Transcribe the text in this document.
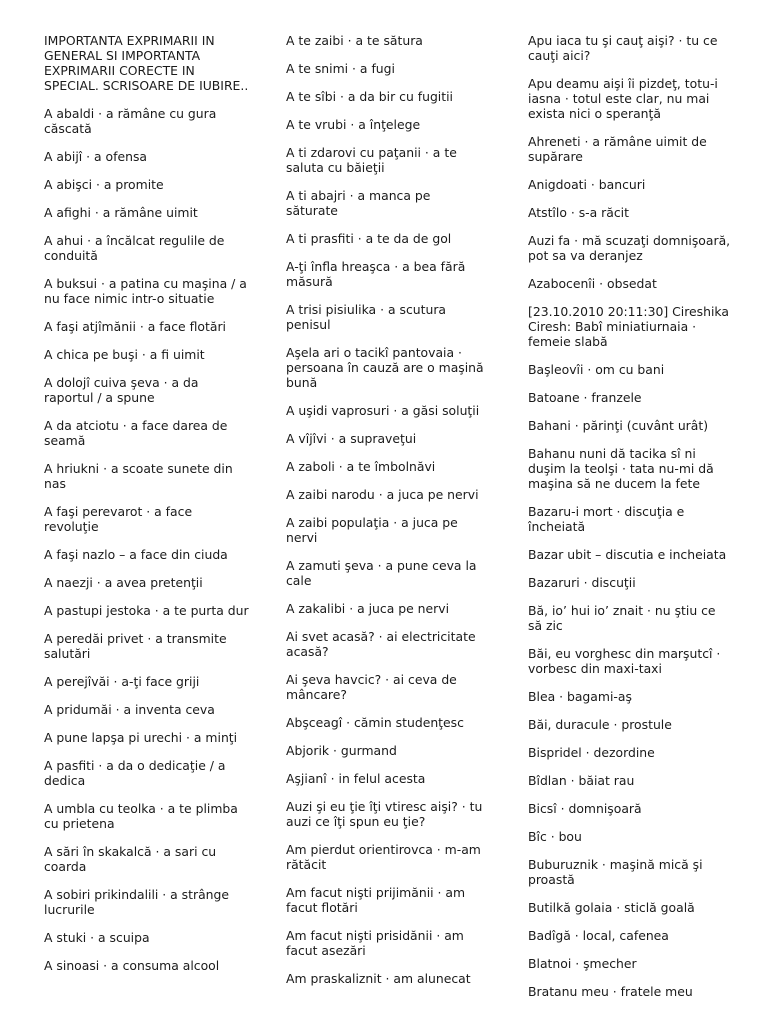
IMPORTANTA EXPRIMARII IN GENERAL SI IMPORTANTA EXPRIMARII CORECTE IN SPECIAL. SCRISOARE DE IUBIRE..

A abaldi · a rămâne cu gura căscată

A abijî · a ofensa

A abişci · a promite

A afighi · a rămâne uimit

A ahui · a încălcat regulile de conduită

A buksui · a patina cu maşina / a nu face nimic intr-o situatie

A faşi atjîmănii · a face flotări

A chica pe buşi · a fi uimit

A dolojî cuiva şeva · a da raportul / a spune

A da atciotu · a face darea de seamă

A hriukni · a scoate sunete din nas

A faşi perevarot · a face revoluţie

A faşi nazlo – a face din ciuda

A naezji · a avea pretenţii

A pastupi jestoka · a te purta dur

A peredăi privet · a transmite salutări

A perejîvăi · a-ţi face griji

A pridumăi · a inventa ceva

A pune lapşa pi urechi · a minţi

A pasfiti · a da o dedicaţie / a dedica

A umbla cu teolka · a te plimba cu prietena

A sări în skakalcă · a sari cu coarda

A sobiri prikindalili · a strânge lucrurile

A stuki · a scuipa

A sinoasi · a consuma alcool

A te zaibi · a te sătura

A te snimi · a fugi

A te sîbi · a da bir cu fugitii

A te vrubi · a înţelege

A ti zdarovi cu paţanii · a te saluta cu băieţii

A ti abajri · a manca pe săturate

A ti prasfiti · a te da de gol

A-ţi înfla hreaşca · a bea fără măsură

A trisi pisiulika · a scutura penisul

Aşela ari o tacikî pantovaia · persoana în cauză are o maşină bună

A uşidi vaprosuri · a găsi soluţii

A vîjîvi · a supraveţui

A zaboli · a te îmbolnăvi

A zaibi narodu · a juca pe nervi

A zaibi populaţia · a juca pe nervi

A zamuti şeva · a pune ceva la cale

A zakalibi · a juca pe nervi

Ai svet acasă? · ai electricitate acasă?

Ai şeva havcic? · ai ceva de mâncare?

Abşceagî · cămin studenţesc

Abjorik · gurmand

Aşjianî · in felul acesta

Auzi şi eu ţie îţi vtiresc aişi? · tu auzi ce îţi spun eu ţie?

Am pierdut orientirovca · m-am rătăcit

Am facut nişti prijimănii · am facut flotări

Am facut nişti prisidănii · am facut asezări

Am praskaliznit · am alunecat

Apu iaca tu şi cauţ aişi? · tu ce cauţi aici?

Apu deamu aişi îi pizdeţ, totu-i iasna · totul este clar, nu mai exista nici o speranţă

Ahreneti · a rămâne uimit de supărare

Anigdoati · bancuri

Atstîlo · s-a răcit

Auzi fa · mă scuzaţi domnişoară, pot sa va deranjez

Azabocenîi · obsedat

[23.10.2010 20:11:30] Cireshika Ciresh: Babî miniatiurnaia · femeie slabă

Başleovîi · om cu bani

Batoane · franzele

Bahani · părinţi (cuvânt urât)

Bahanu nuni dă tacika sî ni duşim la teolşi · tata nu-mi dă maşina să ne ducem la fete

Bazaru-i mort · discuţia e încheiată

Bazar ubit – discutia e incheiata

Bazaruri · discuţii

Bă, io’ hui io’ znait · nu ştiu ce să zic

Băi, eu vorghesc din marşutcî · vorbesc din maxi-taxi

Blea · bagami-aş

Băi, duracule · prostule

Bispridel · dezordine

Bîdlan · băiat rau

Bicsî · domnişoară

Bîc · bou

Buburuznik · maşină mică şi proastă

Butilkă golaia · sticlă goală

Badîgă · local, cafenea

Blatnoi · şmecher

Bratanu meu · fratele meu
